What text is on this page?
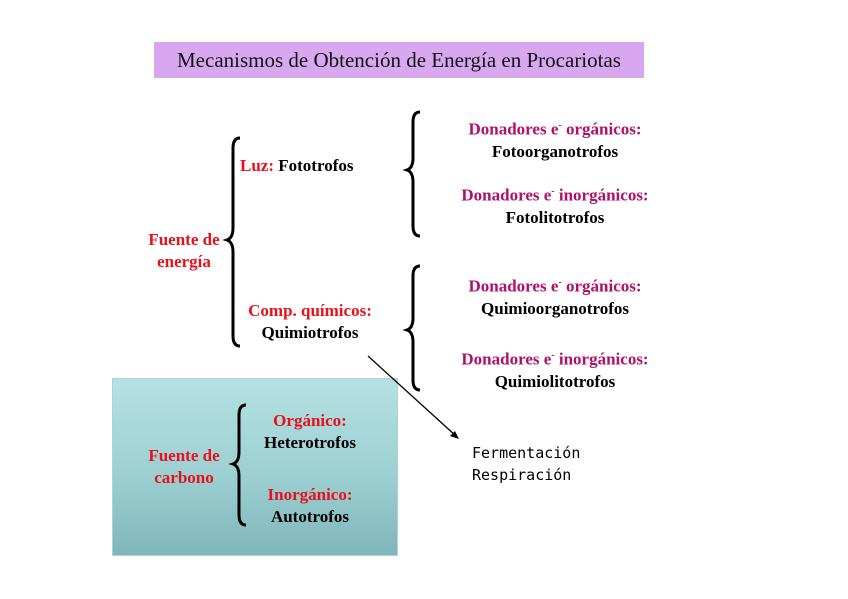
Mecanismos de Obtención de Energía en Procariotas
Fuente de
energía
Luz: Fototrofos
Comp. químicos:
Quimiotrofos
Donadores e- orgánicos:
Fotoorganotrofos
Donadores e- inorgánicos:
Fotolitotrofos
Donadores e- orgánicos:
Quimioorganotrofos
Donadores e- inorgánicos:
Quimiolitotrofos
Fuente de
carbono
Orgánico:
Heterotrofos
Inorgánico:
Autotrofos
Fermentación
Respiración
